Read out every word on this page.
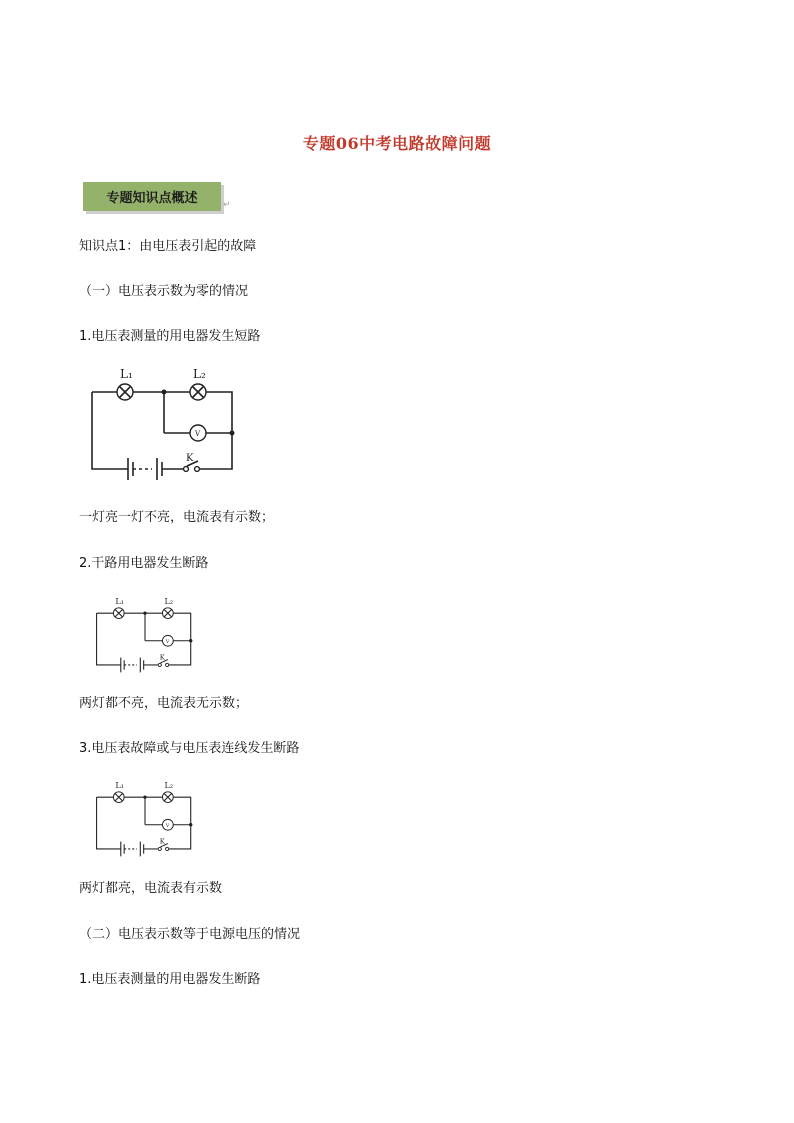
专题06中考电路故障问题
专题知识点概述	↵
知识点1：由电压表引起的故障
（一）电压表示数为零的情况
1.电压表测量的用电器发生短路
L₁	L₂
V
K
一灯亮一灯不亮，电流表有示数；
2.干路用电器发生断路
L₁	L₂
V
K
两灯都不亮，电流表无示数；
3.电压表故障或与电压表连线发生断路
L₁	L₂
V
K
两灯都亮，电流表有示数
（二）电压表示数等于电源电压的情况
1.电压表测量的用电器发生断路
